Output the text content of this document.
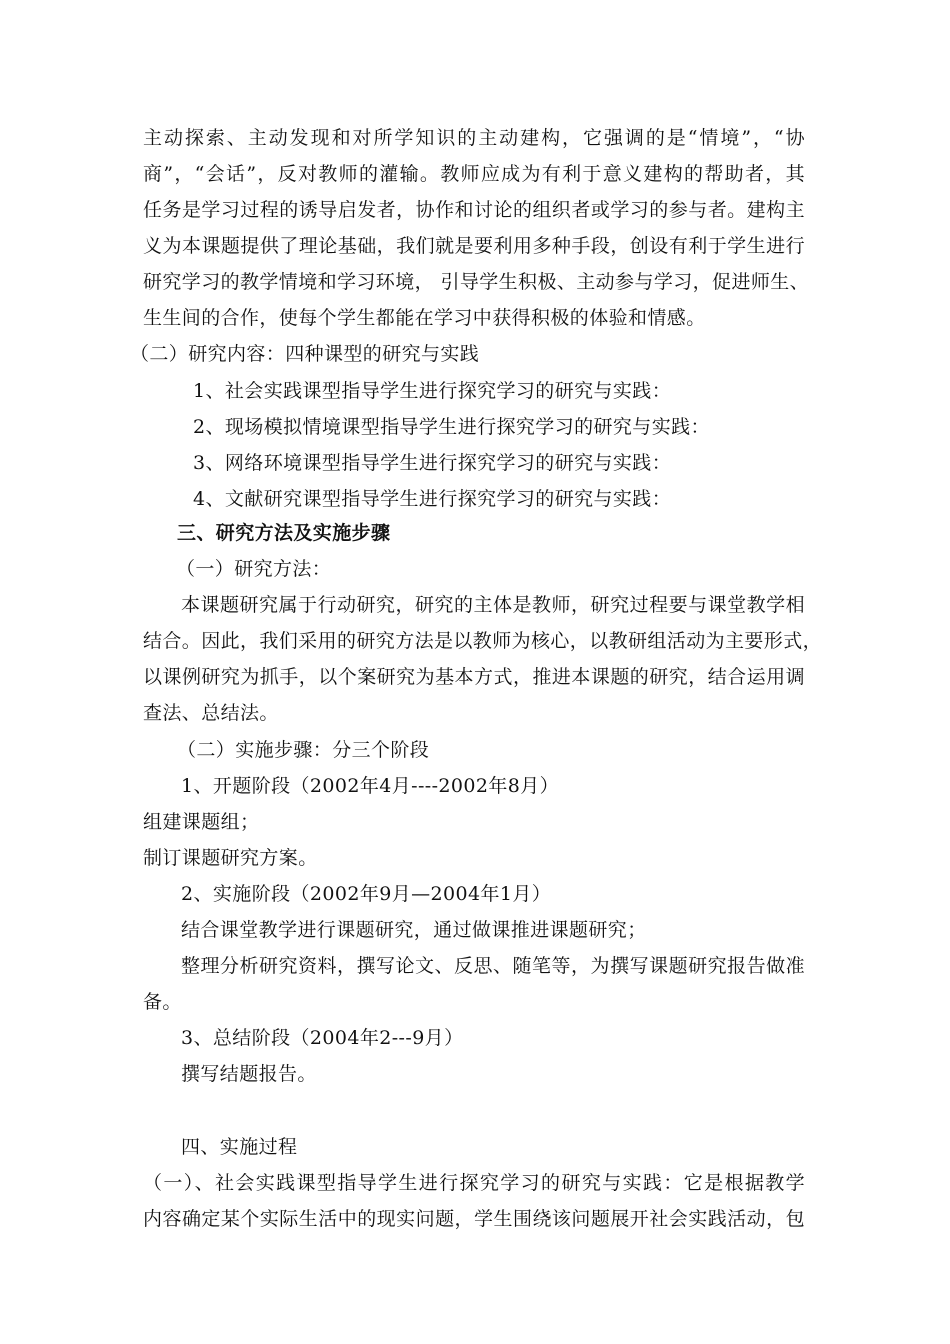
主动探索、主动发现和对所学知识的主动建构，它强调的是“情境”，“协
商”，“会话”，反对教师的灌输。教师应成为有利于意义建构的帮助者，其
任务是学习过程的诱导启发者，协作和讨论的组织者或学习的参与者。建构主
义为本课题提供了理论基础，我们就是要利用多种手段，创设有利于学生进行
研究学习的教学情境和学习环境， 引导学生积极、主动参与学习，促进师生、
生生间的合作，使每个学生都能在学习中获得积极的体验和情感。
（二）研究内容：四种课型的研究与实践
1、社会实践课型指导学生进行探究学习的研究与实践：
2、现场模拟情境课型指导学生进行探究学习的研究与实践：
3、网络环境课型指导学生进行探究学习的研究与实践：
4、文献研究课型指导学生进行探究学习的研究与实践：
三、研究方法及实施步骤
（一）研究方法：
本课题研究属于行动研究，研究的主体是教师，研究过程要与课堂教学相
结合。因此，我们采用的研究方法是以教师为核心，以教研组活动为主要形式，
以课例研究为抓手，以个案研究为基本方式，推进本课题的研究，结合运用调
查法、总结法。
（二）实施步骤：分三个阶段
1、开题阶段（2002年4月----2002年8月）
组建课题组；
制订课题研究方案。
2、实施阶段（2002年9月—2004年1月）
结合课堂教学进行课题研究，通过做课推进课题研究；
整理分析研究资料，撰写论文、反思、随笔等，为撰写课题研究报告做准
备。
3、总结阶段（2004年2---9月）
撰写结题报告。
四、实施过程
（一）、社会实践课型指导学生进行探究学习的研究与实践：它是根据教学
内容确定某个实际生活中的现实问题，学生围绕该问题展开社会实践活动，包
